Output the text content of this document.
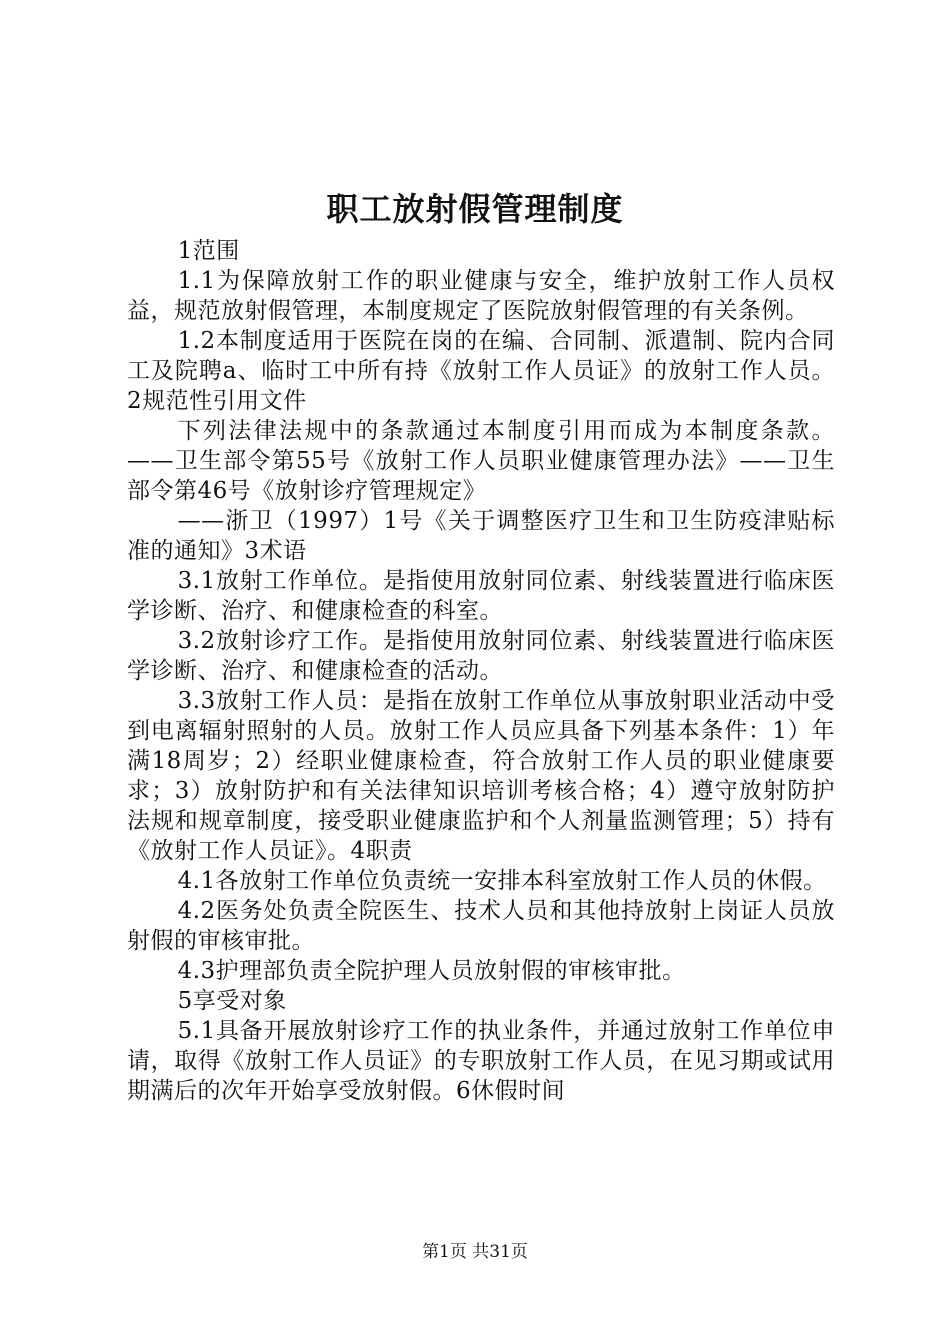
职工放射假管理制度

1范围

1.1为保障放射工作的职业健康与安全，维护放射工作人员权益，规范放射假管理，本制度规定了医院放射假管理的有关条例。

1.2本制度适用于医院在岗的在编、合同制、派遣制、院内合同工及院聘a、临时工中所有持《放射工作人员证》的放射工作人员。2规范性引用文件

下列法律法规中的条款通过本制度引用而成为本制度条款。——卫生部令第55号《放射工作人员职业健康管理办法》——卫生部令第46号《放射诊疗管理规定》

——浙卫（1997）1号《关于调整医疗卫生和卫生防疫津贴标准的通知》3术语

3.1放射工作单位。是指使用放射同位素、射线装置进行临床医学诊断、治疗、和健康检查的科室。

3.2放射诊疗工作。是指使用放射同位素、射线装置进行临床医学诊断、治疗、和健康检查的活动。

3.3放射工作人员：是指在放射工作单位从事放射职业活动中受到电离辐射照射的人员。放射工作人员应具备下列基本条件：1）年满18周岁；2）经职业健康检查，符合放射工作人员的职业健康要求；3）放射防护和有关法律知识培训考核合格；4）遵守放射防护法规和规章制度，接受职业健康监护和个人剂量监测管理；5）持有《放射工作人员证》。4职责

4.1各放射工作单位负责统一安排本科室放射工作人员的休假。

4.2医务处负责全院医生、技术人员和其他持放射上岗证人员放射假的审核审批。

4.3护理部负责全院护理人员放射假的审核审批。

5享受对象

5.1具备开展放射诊疗工作的执业条件，并通过放射工作单位申请，取得《放射工作人员证》的专职放射工作人员，在见习期或试用期满后的次年开始享受放射假。6休假时间

第1页 共31页
